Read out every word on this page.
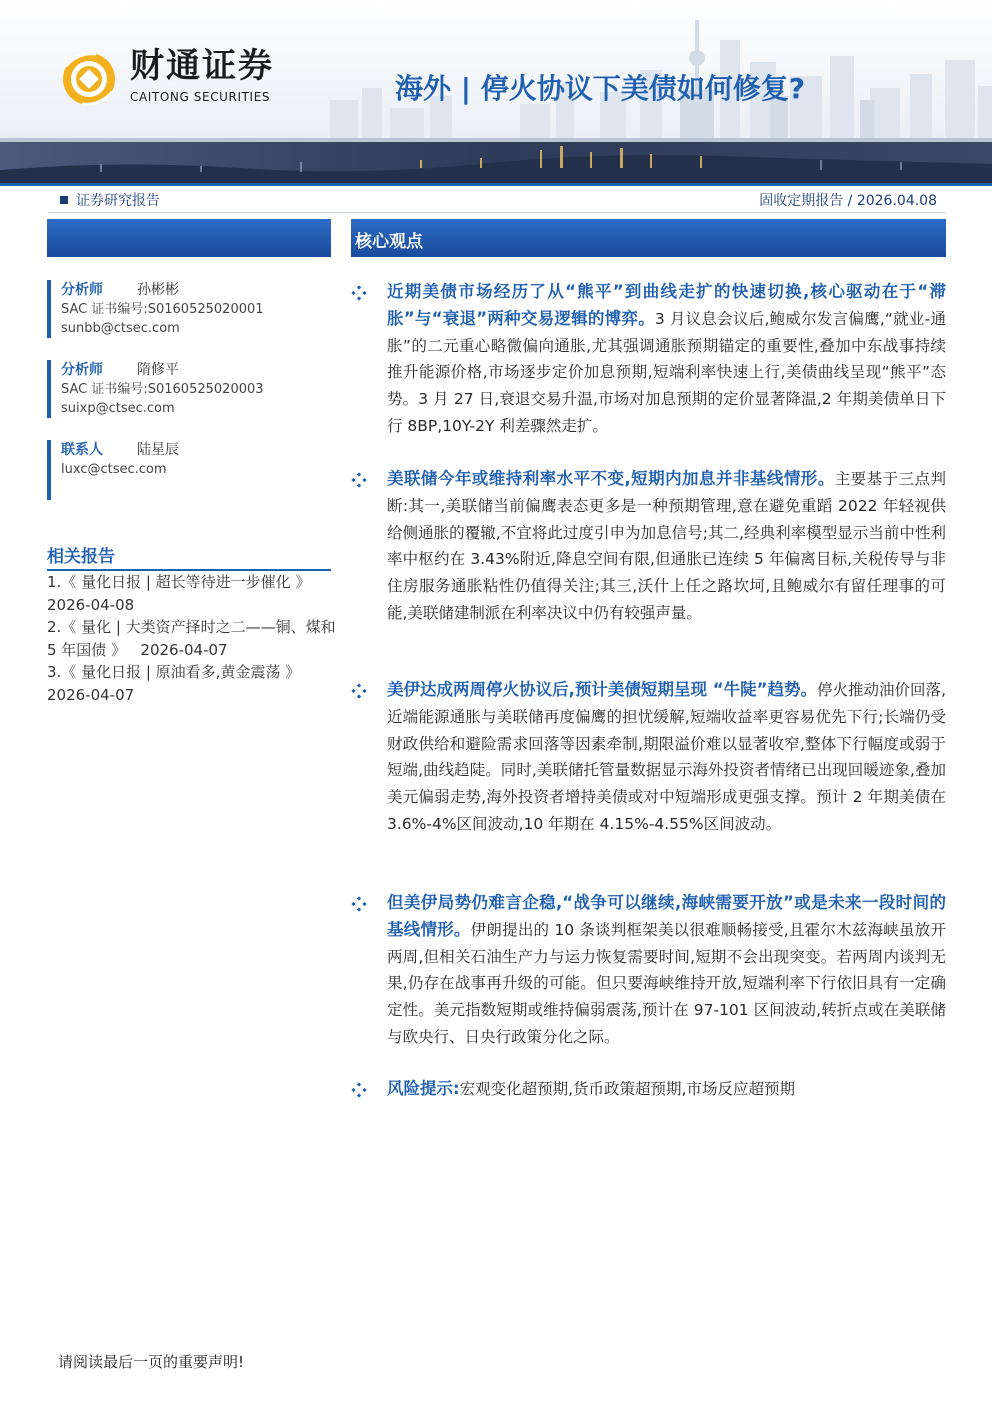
财通证券
CAITONG SECURITIES	海外 | 停火协议下美债如何修复?
证券研究报告	固收定期报告 / 2026.04.08
核心观点
分析师 孙彬彬
SAC 证书编号:S0160525020001
sunbb@ctsec.com
分析师 隋修平
SAC 证书编号:S0160525020003
suixp@ctsec.com
联系人 陆星辰
luxc@ctsec.com
相关报告

1.《 量化日报 | 超长等待进一步催化 》

2026-04-08

2.《 量化 | 大类资产择时之二——铜、煤和 5 年国债 》 2026-04-07

3.《 量化日报 | 原油看多,黄金震荡 》

2026-04-07

近期美债市场经历了从“熊平”到曲线走扩的快速切换,核心驱动在于“滞胀”与“衰退”两种交易逻辑的博弈。3 月议息会议后,鲍威尔发言偏鹰,“就业-通胀”的二元重心略微偏向通胀,尤其强调通胀预期锚定的重要性,叠加中东战事持续推升能源价格,市场逐步定价加息预期,短端利率快速上行,美债曲线呈现“熊平”态势。3 月 27 日,衰退交易升温,市场对加息预期的定价显著降温,2 年期美债单日下行 8BP,10Y-2Y 利差骤然走扩。
美联储今年或维持利率水平不变,短期内加息并非基线情形。主要基于三点判断:其一,美联储当前偏鹰表态更多是一种预期管理,意在避免重蹈 2022 年轻视供给侧通胀的覆辙,不宜将此过度引申为加息信号;其二,经典利率模型显示当前中性利率中枢约在 3.43%附近,降息空间有限,但通胀已连续 5 年偏离目标,关税传导与非住房服务通胀粘性仍值得关注;其三,沃什上任之路坎坷,且鲍威尔有留任理事的可能,美联储建制派在利率决议中仍有较强声量。
美伊达成两周停火协议后,预计美债短期呈现 “牛陡”趋势。停火推动油价回落,近端能源通胀与美联储再度偏鹰的担忧缓解,短端收益率更容易优先下行;长端仍受财政供给和避险需求回落等因素牵制,期限溢价难以显著收窄,整体下行幅度或弱于短端,曲线趋陡。同时,美联储托管量数据显示海外投资者情绪已出现回暖迹象,叠加美元偏弱走势,海外投资者增持美债或对中短端形成更强支撑。预计 2 年期美债在 3.6%-4%区间波动,10 年期在 4.15%-4.55%区间波动。
但美伊局势仍难言企稳,“战争可以继续,海峡需要开放”或是未来一段时间的基线情形。伊朗提出的 10 条谈判框架美以很难顺畅接受,且霍尔木兹海峡虽放开两周,但相关石油生产力与运力恢复需要时间,短期不会出现突变。若两周内谈判无果,仍存在战事再升级的可能。但只要海峡维持开放,短端利率下行依旧具有一定确定性。美元指数短期或维持偏弱震荡,预计在 97-101 区间波动,转折点或在美联储与欧央行、日央行政策分化之际。
风险提示:宏观变化超预期,货币政策超预期,市场反应超预期
请阅读最后一页的重要声明!
